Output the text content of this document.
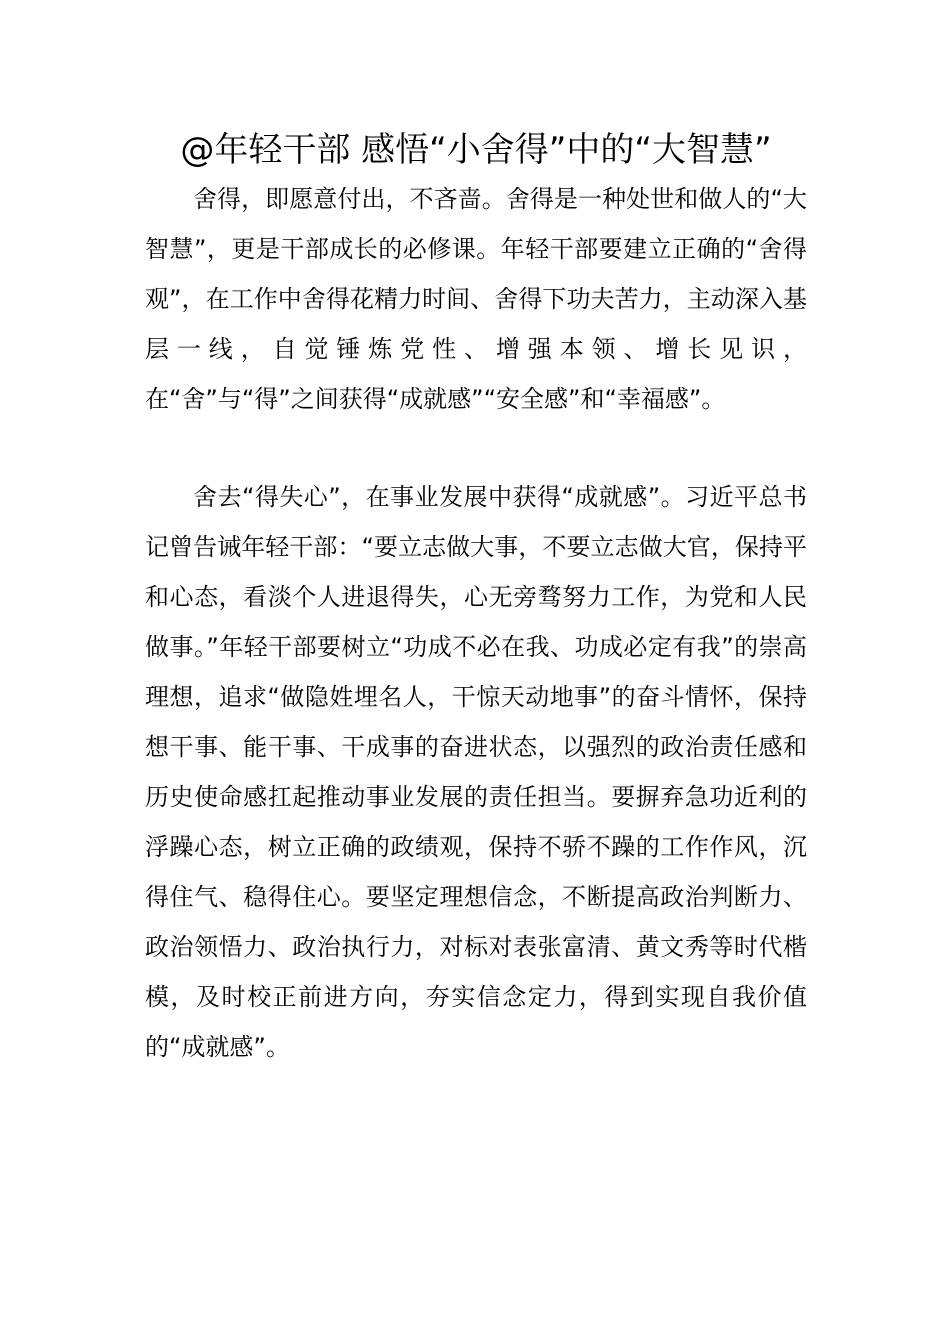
@年轻干部 感悟“小舍得”中的“大智慧”

舍得，即愿意付出，不吝啬。舍得是一种处世和做人的“大智慧”，更是干部成长的必修课。年轻干部要建立正确的“舍得观”，在工作中舍得花精力时间、舍得下功夫苦力，主动深入基层一线，自觉锤炼党性、增强本领、增长见识，在“舍”与“得”之间获得“成就感”“安全感”和“幸福感”。

舍去“得失心”，在事业发展中获得“成就感”。习近平总书记曾告诫年轻干部：“要立志做大事，不要立志做大官，保持平和心态，看淡个人进退得失，心无旁骛努力工作，为党和人民做事。”年轻干部要树立“功成不必在我、功成必定有我”的崇高理想，追求“做隐姓埋名人，干惊天动地事”的奋斗情怀，保持想干事、能干事、干成事的奋进状态，以强烈的政治责任感和历史使命感扛起推动事业发展的责任担当。要摒弃急功近利的浮躁心态，树立正确的政绩观，保持不骄不躁的工作作风，沉得住气、稳得住心。要坚定理想信念，不断提高政治判断力、政治领悟力、政治执行力，对标对表张富清、黄文秀等时代楷模，及时校正前进方向，夯实信念定力，得到实现自我价值的“成就感”。
